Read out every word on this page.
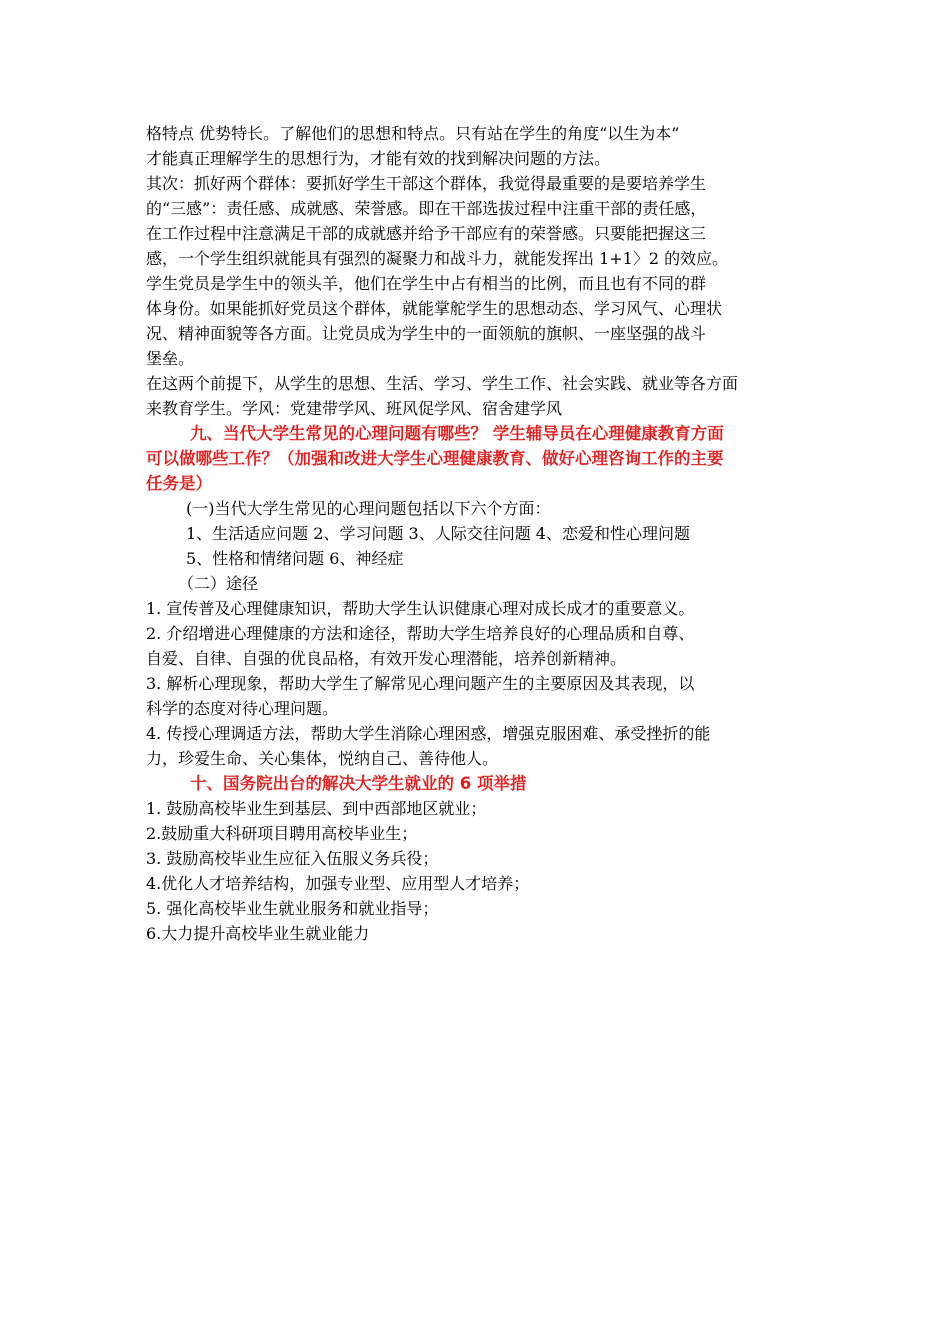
格特点 优势特长。了解他们的思想和特点。只有站在学生的角度“以生为本”
才能真正理解学生的思想行为，才能有效的找到解决问题的方法。
其次：抓好两个群体：要抓好学生干部这个群体，我觉得最重要的是要培养学生
的“三感”：责任感、成就感、荣誉感。即在干部选拔过程中注重干部的责任感，
在工作过程中注意满足干部的成就感并给予干部应有的荣誉感。只要能把握这三
感，一个学生组织就能具有强烈的凝聚力和战斗力，就能发挥出 1+1〉2 的效应。
学生党员是学生中的领头羊，他们在学生中占有相当的比例，而且也有不同的群
体身份。如果能抓好党员这个群体，就能掌舵学生的思想动态、学习风气、心理状
况、精神面貌等各方面。让党员成为学生中的一面领航的旗帜、一座坚强的战斗
堡垒。
在这两个前提下，从学生的思想、生活、学习、学生工作、社会实践、就业等各方面
来教育学生。学风：党建带学风、班风促学风、宿舍建学风
九、当代大学生常见的心理问题有哪些？ 学生辅导员在心理健康教育方面
可以做哪些工作？（加强和改进大学生心理健康教育、做好心理咨询工作的主要
任务是）
(一)当代大学生常见的心理问题包括以下六个方面：
1、生活适应问题 2、学习问题 3、人际交往问题 4、恋爱和性心理问题
5、性格和情绪问题 6、神经症
（二）途径
1. 宣传普及心理健康知识，帮助大学生认识健康心理对成长成才的重要意义。
2. 介绍增进心理健康的方法和途径，帮助大学生培养良好的心理品质和自尊、
自爱、自律、自强的优良品格，有效开发心理潜能，培养创新精神。
3. 解析心理现象，帮助大学生了解常见心理问题产生的主要原因及其表现，以
科学的态度对待心理问题。
4. 传授心理调适方法，帮助大学生消除心理困惑，增强克服困难、承受挫折的能
力，珍爱生命、关心集体，悦纳自己、善待他人。
十、国务院出台的解决大学生就业的 6 项举措
1. 鼓励高校毕业生到基层、到中西部地区就业；
2.鼓励重大科研项目聘用高校毕业生；
3. 鼓励高校毕业生应征入伍服义务兵役；
4.优化人才培养结构，加强专业型、应用型人才培养；
5. 强化高校毕业生就业服务和就业指导；
6.大力提升高校毕业生就业能力
